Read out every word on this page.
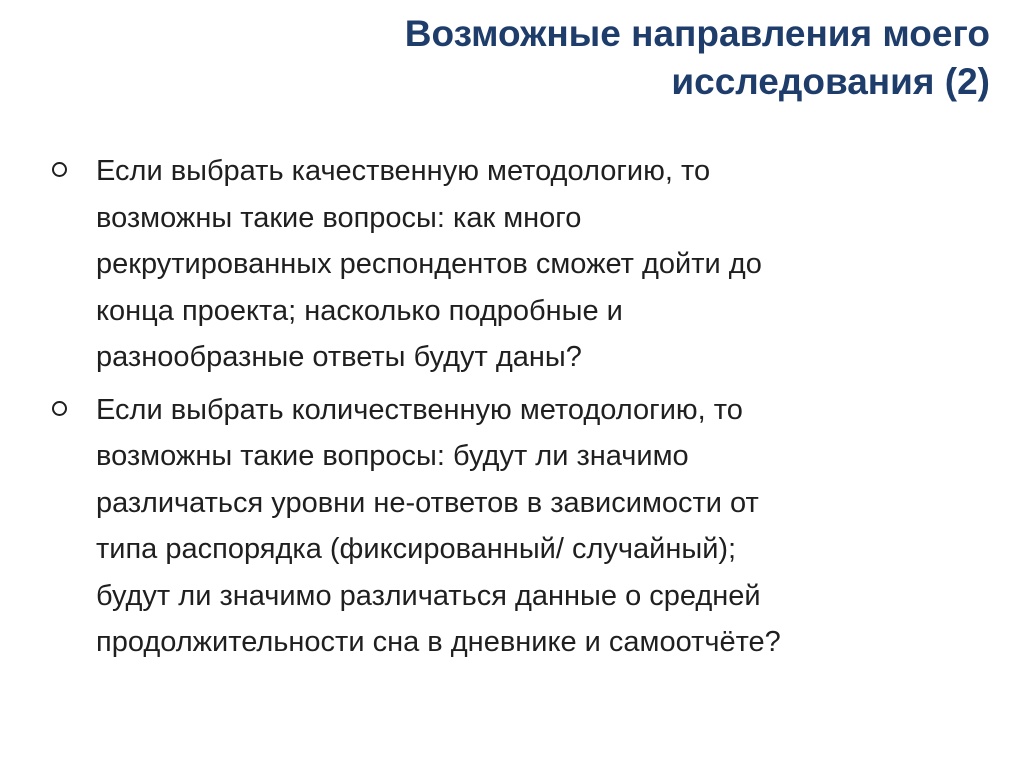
Возможные направления моего
исследования (2)
Если выбрать качественную методологию, то
возможны такие вопросы: как много
рекрутированных респондентов сможет дойти до
конца проекта; насколько подробные и
разнообразные ответы будут даны?
Если выбрать количественную методологию, то
возможны такие вопросы: будут ли значимо
различаться уровни не-ответов в зависимости от
типа распорядка (фиксированный/ случайный);
будут ли значимо различаться данные о средней
продолжительности сна в дневнике и самоотчёте?
